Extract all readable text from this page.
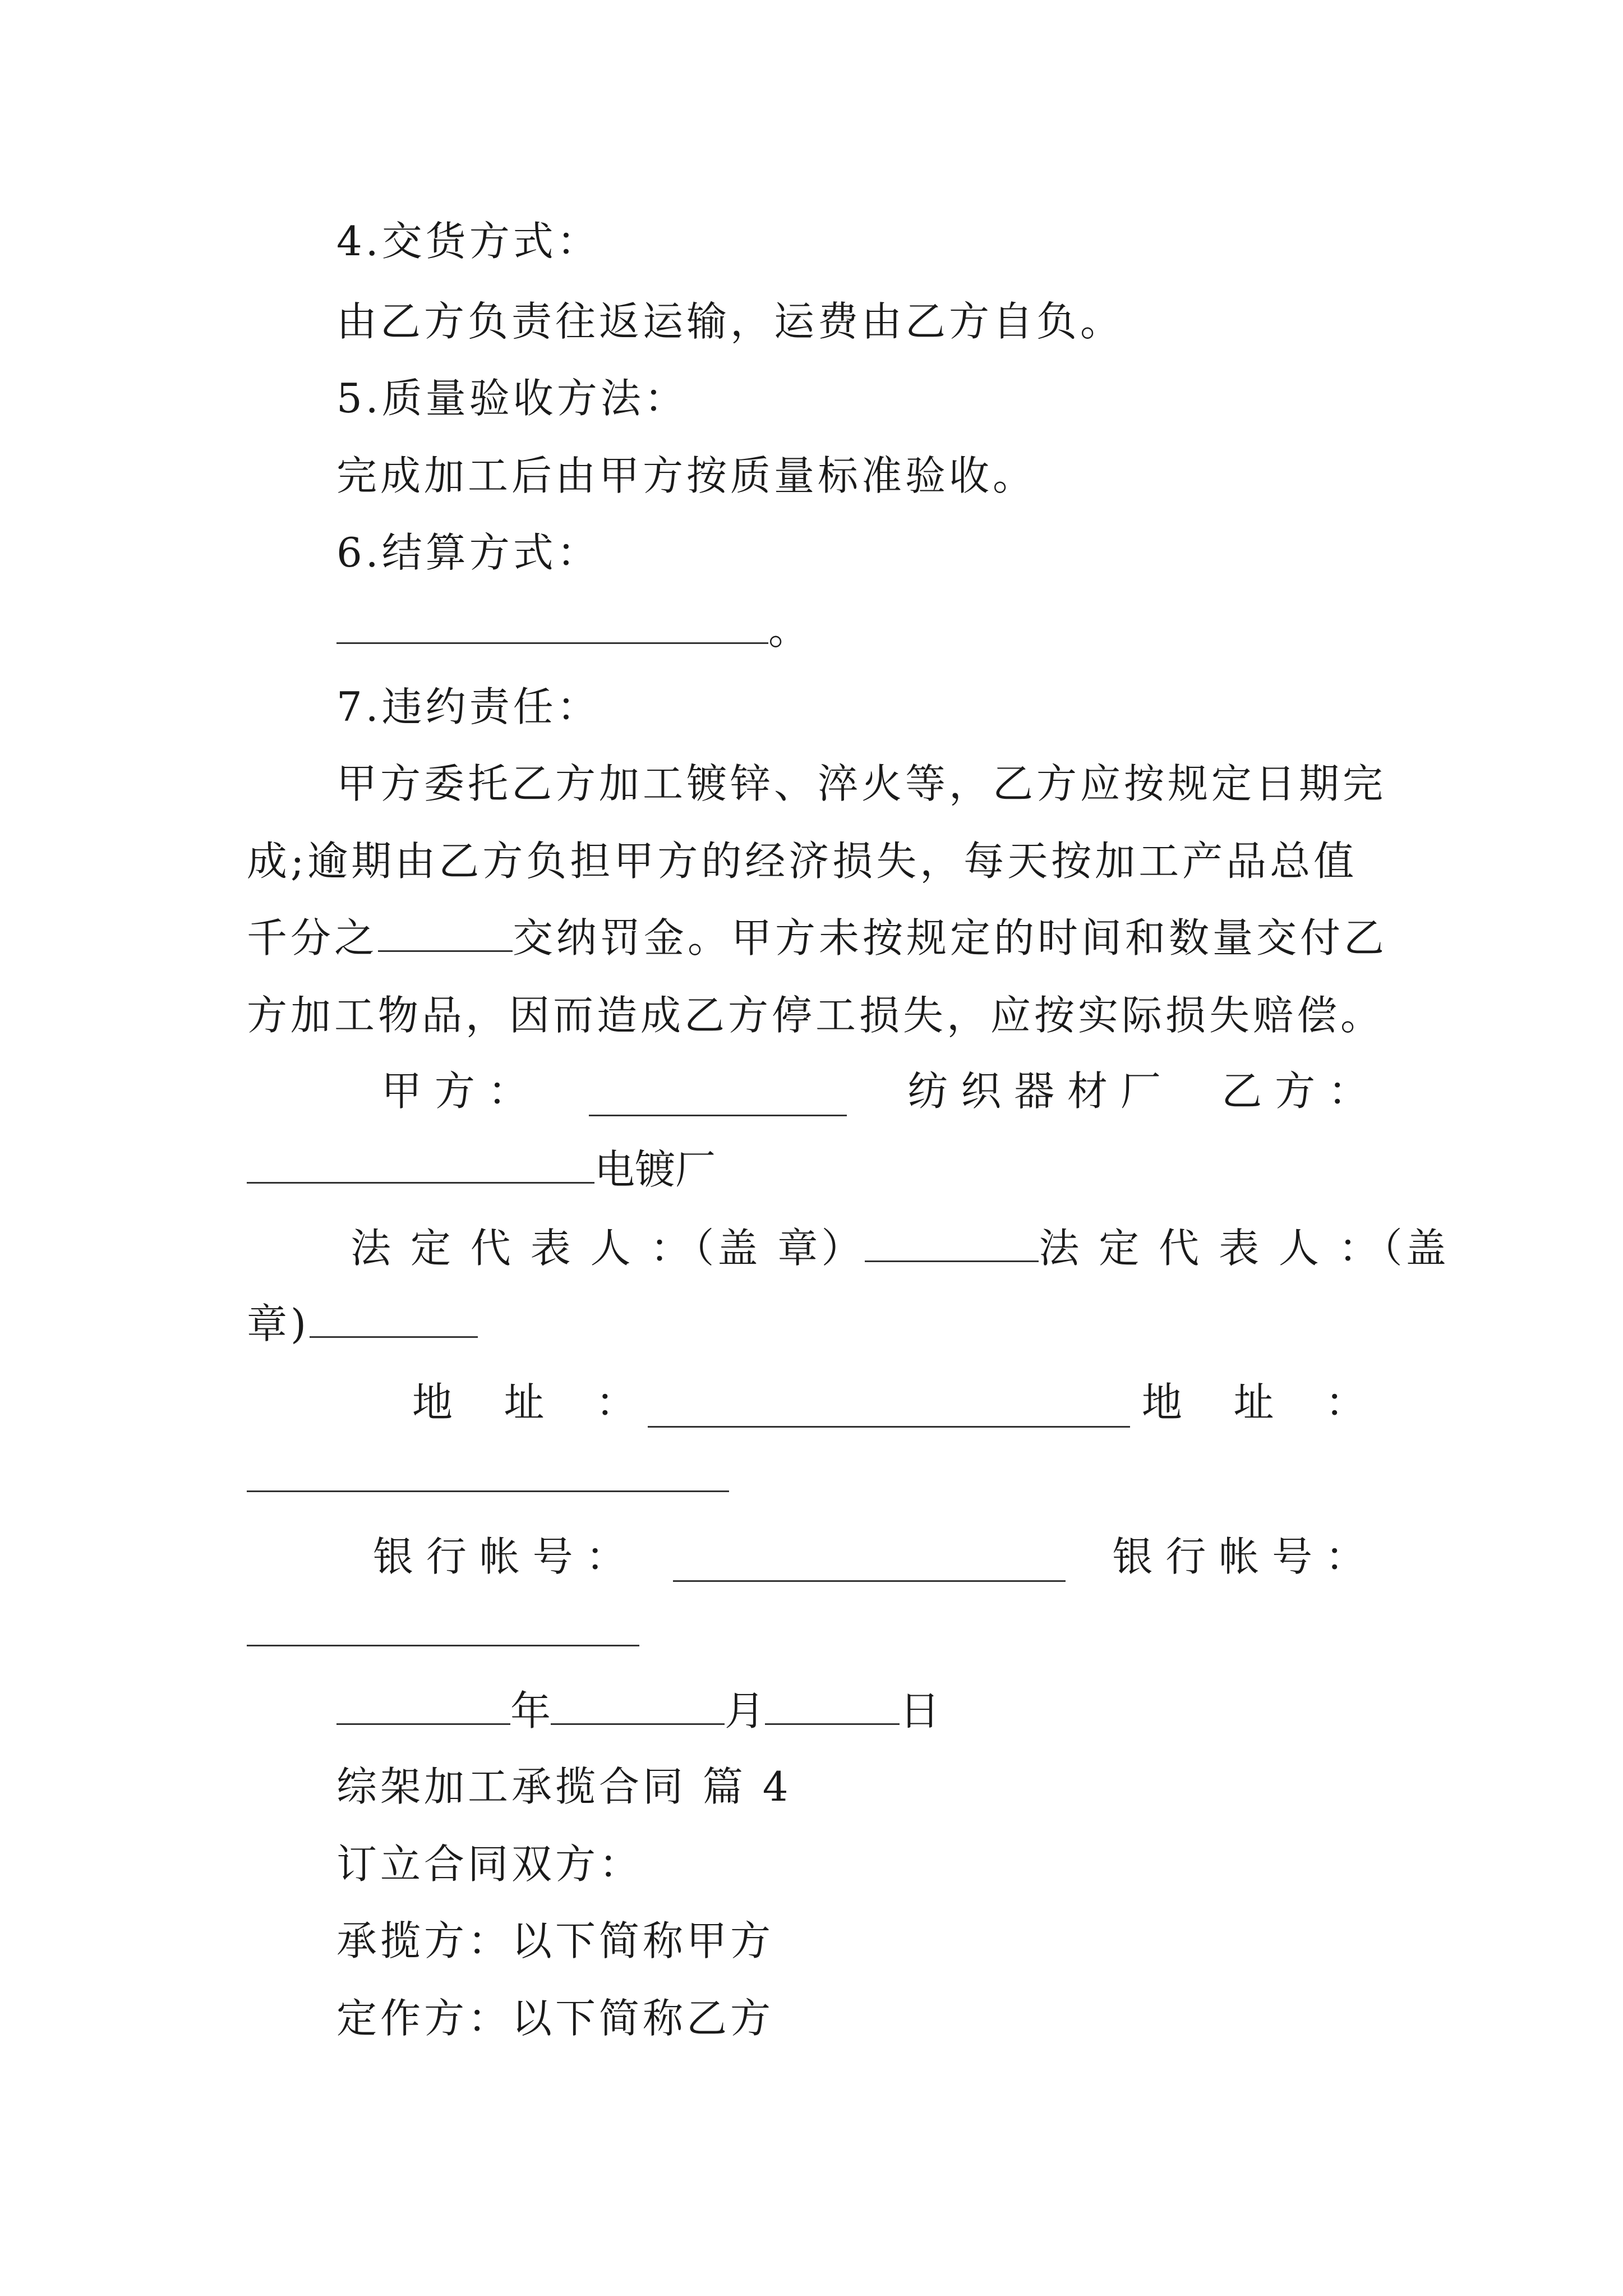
4.交货方式：
由乙方负责往返运输，运费由乙方自负。
5.质量验收方法：
完成加工后由甲方按质量标准验收。
6.结算方式：
。
7.违约责任：
甲方委托乙方加工镀锌、淬火等，乙方应按规定日期完
成;逾期由乙方负担甲方的经济损失，每天按加工产品总值
千分之	交纳罚金。甲方未按规定的时间和数量交付乙
方加工物品，因而造成乙方停工损失，应按实际损失赔偿。
甲 方 ：	纺 织 器 材 厂 乙 方 ：
电镀厂
法 定 代 表 人 ：（盖 章）	法 定 代 表 人 ：（盖
章)
地    址    ：	地    址    ：
银 行 帐 号 ：	银 行 帐 号 ：
年	月	日
综架加工承揽合同 篇 4
订立合同双方：
承揽方：以下简称甲方
定作方：以下简称乙方
